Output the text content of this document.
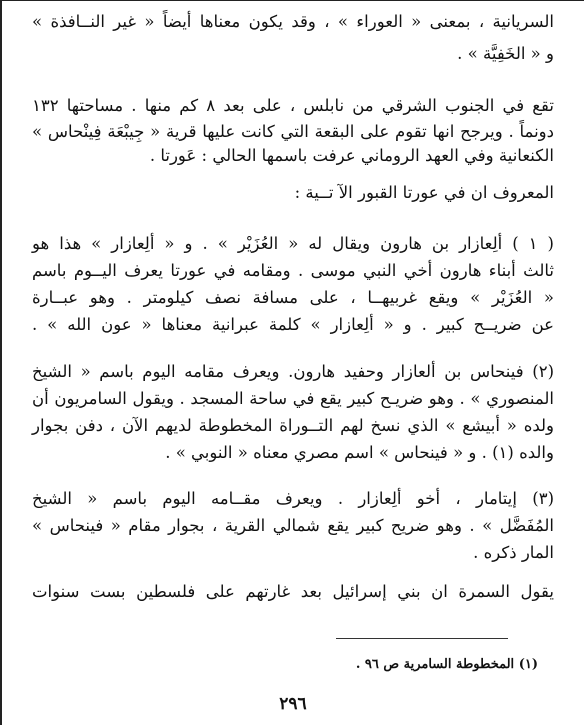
السريانية ، بمعنى « العوراء » ، وقد يكون معناها أيضاً « غير النــافذة »
و « الخَفِيَّة » .
تقع في الجنوب الشرقي من نابلس ، على بعد ٨ كم منها . مساحتها ١٣٢
دونماً . ويرجح انها تقوم على البقعة التي كانت عليها قرية « جِيبْعَة فِينْحاس »
الكنعانية وفي العهد الروماني عرفت باسمها الحالي : عَورتا .
المعروف ان في عورتا القبور الآ تــية :
( ١ ) ألِعازار بن هارون ويقال له « العُزَيْر » . و « ألِعازار » هذا هو
ثالث أبناء هارون أخي النبي موسى . ومقامه في عورتا يعرف اليــوم باسم
« العُزَيْر » ويقع غربيهــا ، على مسافة نصف كيلومتر . وهو عبــارة
عن ضريــح كبير . و « ألِعازار » كلمة عبرانية معناها « عون الله » .
(٢) فينحاس بن ألعازار وحفيد هارون. ويعرف مقامه اليوم باسم « الشيخ
المنصوري » . وهو ضريـح كبير يقع في ساحة المسجد . ويقول السامريون أن
ولده « أبيشع » الذي نسخ لهم التــوراة المخطوطة لديهم الآن ، دفن بجوار
والده (١) . و « فينحاس » اسم مصري معناه « النوبي » .
(٣) إيتامار ، أخو ألِعازار . ويعرف مقــامه اليوم باسم « الشيخ
المُفَضَّل » . وهو ضريح كبير يقع شمالي القرية ، بجوار مقام « فينحاس »
المار ذكره .
يقول السمرة ان بني إسرائيل بعد غارتهم على فلسطين بست سنوات
(١) المخطوطة السامرية ص ٩٦ .
٢٩٦
